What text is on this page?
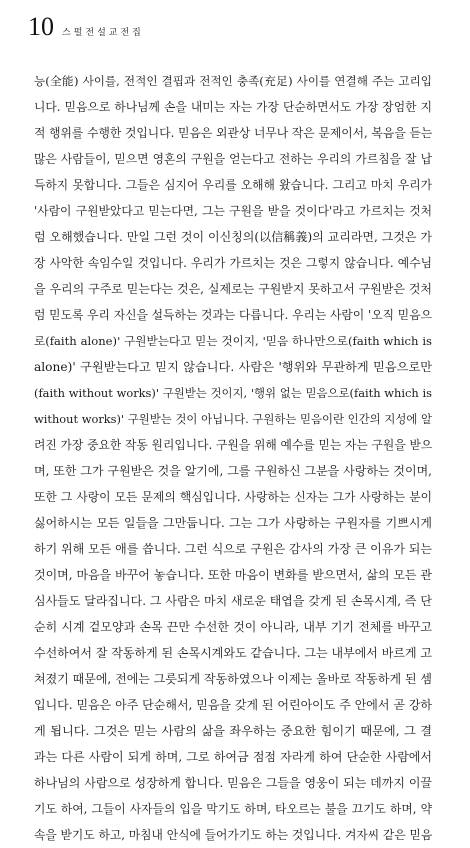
10 스펄전설교전집
능(全能) 사이를, 전적인 결핍과 전적인 충족(充足) 사이를 연결해 주는 고리입
니다. 믿음으로 하나님께 손을 내미는 자는 가장 단순하면서도 가장 장엄한 지
적 행위를 수행한 것입니다. 믿음은 외관상 너무나 작은 문제이서, 복음을 듣는
많은 사람들이, 믿으면 영혼의 구원을 얻는다고 전하는 우리의 가르침을 잘 납
득하지 못합니다. 그들은 심지어 우리를 오해해 왔습니다. 그리고 마치 우리가
'사람이 구원받았다고 믿는다면, 그는 구원을 받을 것이다'라고 가르치는 것처
럼 오해했습니다. 만일 그런 것이 이신칭의(以信稱義)의 교리라면, 그것은 가
장 사악한 속임수일 것입니다. 우리가 가르치는 것은 그렇지 않습니다. 예수님
을 우리의 구주로 믿는다는 것은, 실제로는 구원받지 못하고서 구원받은 것처
럼 믿도록 우리 자신을 설득하는 것과는 다릅니다. 우리는 사람이 '오직 믿음으
로(faith alone)' 구원받는다고 믿는 것이지, '믿음 하나만으로(faith which is
alone)' 구원받는다고 믿지 않습니다. 사람은 '행위와 무관하게 믿음으로만
(faith without works)' 구원받는 것이지, '행위 없는 믿음으로(faith which is
without works)' 구원받는 것이 아닙니다. 구원하는 믿음이란 인간의 지성에 알
려진 가장 중요한 작동 원리입니다. 구원을 위해 예수를 믿는 자는 구원을 받으
며, 또한 그가 구원받은 것을 알기에, 그를 구원하신 그분을 사랑하는 것이며,
또한 그 사랑이 모든 문제의 핵심입니다. 사랑하는 신자는 그가 사랑하는 분이
싫어하시는 모든 일들을 그만둡니다. 그는 그가 사랑하는 구원자를 기쁘시게
하기 위해 모든 애를 씁니다. 그런 식으로 구원은 감사의 가장 큰 이유가 되는
것이며, 마음을 바꾸어 놓습니다. 또한 마음이 변화를 받으면서, 삶의 모든 관
심사들도 달라집니다. 그 사람은 마치 새로운 태엽을 갖게 된 손목시계, 즉 단
순히 시계 겉모양과 손목 끈만 수선한 것이 아니라, 내부 기기 전체를 바꾸고
수선하여서 잘 작동하게 된 손목시계와도 같습니다. 그는 내부에서 바르게 고
쳐졌기 때문에, 전에는 그릇되게 작동하였으나 이제는 올바로 작동하게 된 셈
입니다. 믿음은 아주 단순해서, 믿음을 갖게 된 어린아이도 주 안에서 곧 강하
게 됩니다. 그것은 믿는 사람의 삶을 좌우하는 중요한 힘이기 때문에, 그 결
과는 다른 사람이 되게 하며, 그로 하여금 점점 자라게 하여 단순한 사람에서
하나님의 사람으로 성장하게 합니다. 믿음은 그들을 영웅이 되는 데까지 이끌
기도 하여, 그들이 사자들의 입을 막기도 하며, 타오르는 불을 끄기도 하며, 약
속을 받기도 하고, 마침내 안식에 들어가기도 하는 것입니다. 겨자씨 같은 믿음
